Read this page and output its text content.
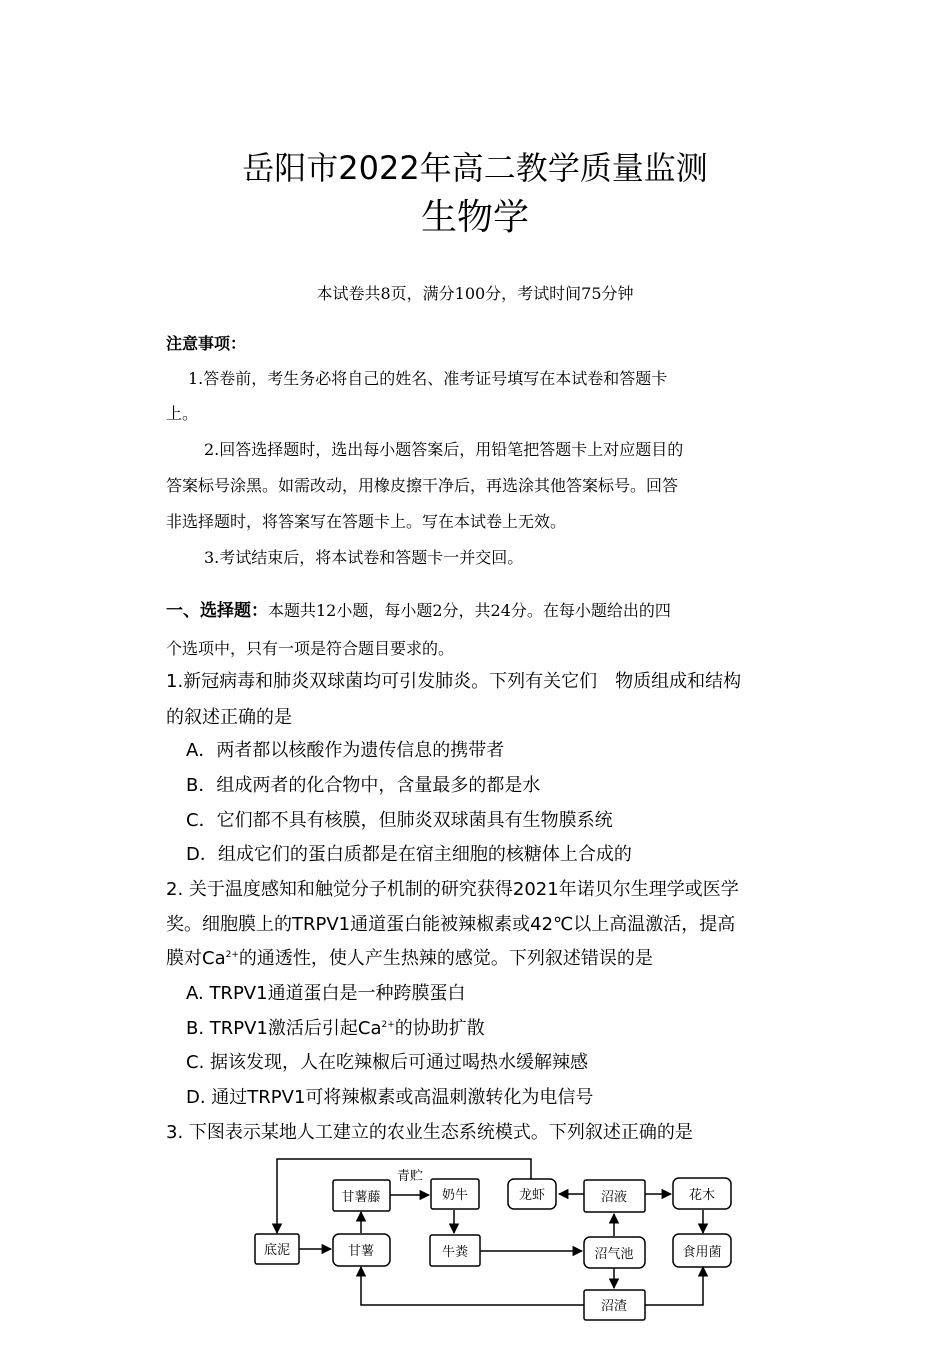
岳阳市2022年高二教学质量监测
生物学
本试卷共8页，满分100分，考试时间75分钟
注意事项：
1.答卷前，考生务必将自己的姓名、准考证号填写在本试卷和答题卡
上。
2.回答选择题时，选出每小题答案后，用铅笔把答题卡上对应题目的
答案标号涂黑。如需改动，用橡皮擦干净后，再选涂其他答案标号。回答
非选择题时，将答案写在答题卡上。写在本试卷上无效。
3.考试结束后，将本试卷和答题卡一并交回。
一、选择题：本题共12小题，每小题2分，共24分。在每小题给出的四
个选项中，只有一项是符合题目要求的。
1.新冠病毒和肺炎双球菌均可引发肺炎。下列有关它们　物质组成和结构
的叙述正确的是
A．两者都以核酸作为遗传信息的携带者
B．组成两者的化合物中，含量最多的都是水
C．它们都不具有核膜，但肺炎双球菌具有生物膜系统
D．组成它们的蛋白质都是在宿主细胞的核糖体上合成的
2. 关于温度感知和触觉分子机制的研究获得2021年诺贝尔生理学或医学
奖。细胞膜上的TRPV1通道蛋白能被辣椒素或42℃以上高温激活，提高
膜对$Ca^{2+}$的通透性，使人产生热辣的感觉。下列叙述错误的是
A. TRPV1通道蛋白是一种跨膜蛋白
B. TRPV1激活后引起$Ca^{2+}$的协助扩散
C. 据该发现，人在吃辣椒后可通过喝热水缓解辣感
D. 通过TRPV1可将辣椒素或高温刺激转化为电信号
3. 下图表示某地人工建立的农业生态系统模式。下列叙述正确的是
底泥	甘薯
甘薯藤	奶牛
牛粪
龙虾	沼液
沼气池
花木
食用菌
沼渣
青贮
